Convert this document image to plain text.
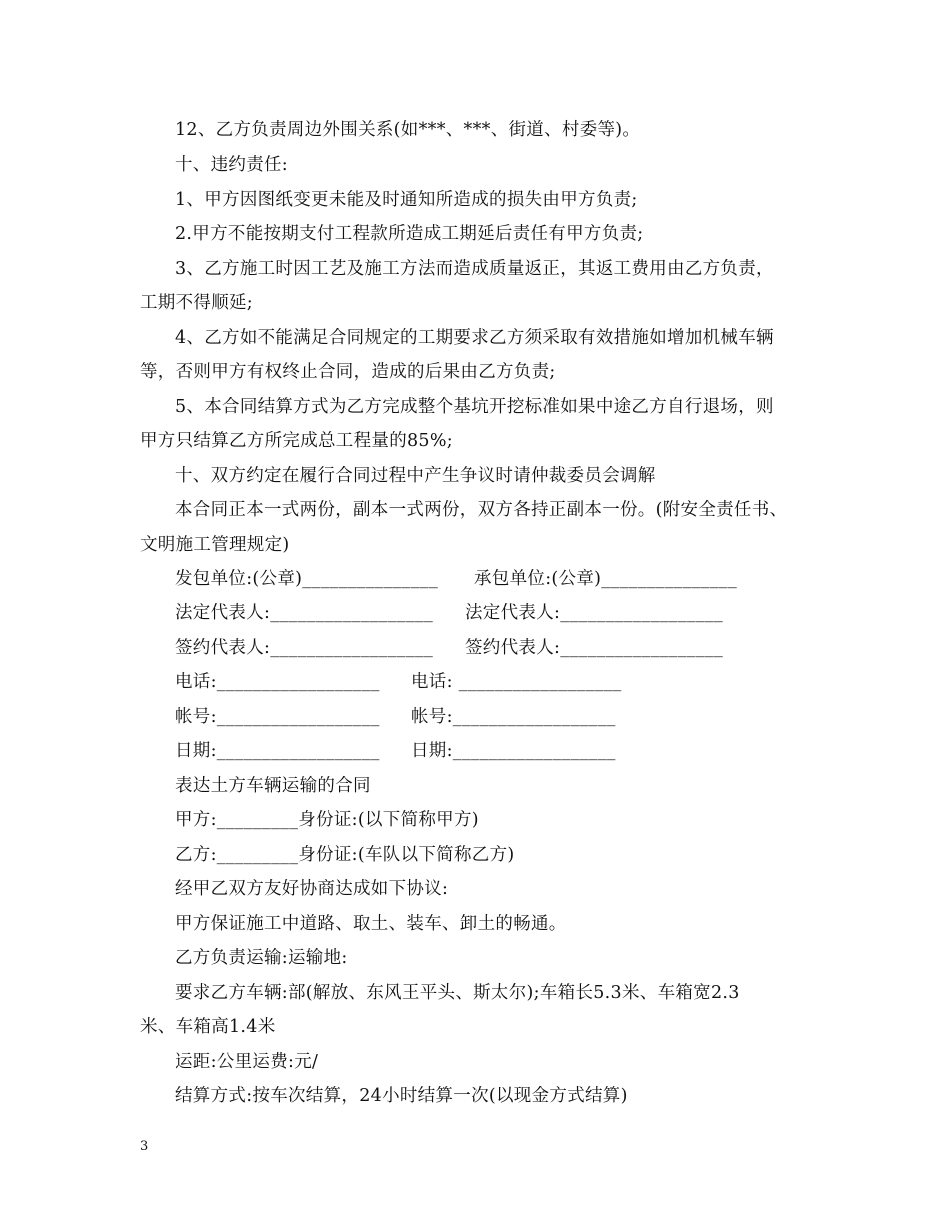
12、乙方负责周边外围关系(如***、***、街道、村委等)。
十、违约责任:
1、甲方因图纸变更未能及时通知所造成的损失由甲方负责;
2.甲方不能按期支付工程款所造成工期延后责任有甲方负责;
3、乙方施工时因工艺及施工方法而造成质量返正，其返工费用由乙方负责，
工期不得顺延;
4、乙方如不能满足合同规定的工期要求乙方须采取有效措施如增加机械车辆
等，否则甲方有权终止合同，造成的后果由乙方负责;
5、本合同结算方式为乙方完成整个基坑开挖标准如果中途乙方自行退场，则
甲方只结算乙方所完成总工程量的85%;
十、双方约定在履行合同过程中产生争议时请仲裁委员会调解
本合同正本一式两份，副本一式两份，双方各持正副本一份。(附安全责任书、
文明施工管理规定)
发包单位:(公章)_______________ 承包单位:(公章)_______________
法定代表人:__________________ 法定代表人:__________________
签约代表人:__________________ 签约代表人:__________________
电话:__________________ 电话: __________________
帐号:__________________ 帐号:__________________
日期:__________________ 日期:__________________
表达土方车辆运输的合同
甲方:_________身份证:(以下简称甲方)
乙方:_________身份证:(车队以下简称乙方)
经甲乙双方友好协商达成如下协议:
甲方保证施工中道路、取土、装车、卸土的畅通。
乙方负责运输:运输地:
要求乙方车辆:部(解放、东风王平头、斯太尔);车箱长5.3米、车箱宽2.3
米、车箱高1.4米
运距:公里运费:元/
结算方式:按车次结算，24小时结算一次(以现金方式结算)
3
